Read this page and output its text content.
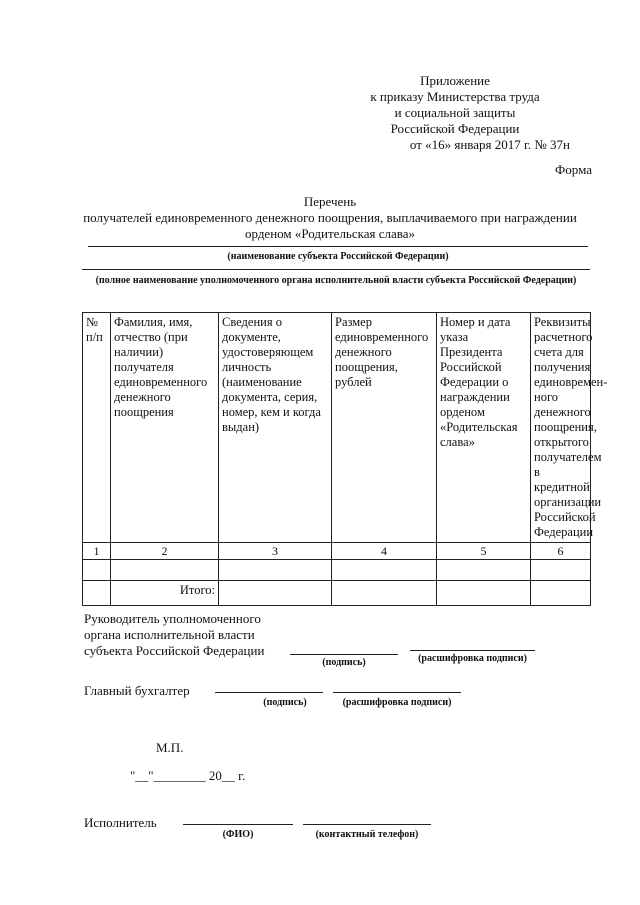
Приложение
к приказу Министерства труда
и социальной защиты
Российской Федерации
от «16» января 2017 г. № 37н
Форма
Перечень
получателей единовременного денежного поощрения, выплачиваемого при награждении
орденом «Родительская слава»
(наименование субъекта Российской Федерации)
(полное наименование уполномоченного органа исполнительной власти субъекта Российской Федерации)
№ п/п	Фамилия, имя, отчество (при наличии) получателя единовременного денежного поощрения	Сведения о документе, удостоверяющем личность (наименование документа, серия, номер, кем и когда выдан)	Размер единовременного денежного поощрения, рублей	Номер и дата указа Президента Российской Федерации о награждении орденом «Родительская слава»	Реквизиты расчетного счета для получения единовремен-ного денежного поощрения, открытого получателем в кредитной организации Российской Федерации
1	2	3	4	5	6

	Итого:				
Руководитель уполномоченного
органа исполнительной власти
субъекта Российской Федерации
(подпись)	(расшифровка подписи)
Главный бухгалтер
(подпись)	(расшифровка подписи)
М.П.
"__"________ 20__ г.
Исполнитель
(ФИО)	(контактный телефон)
